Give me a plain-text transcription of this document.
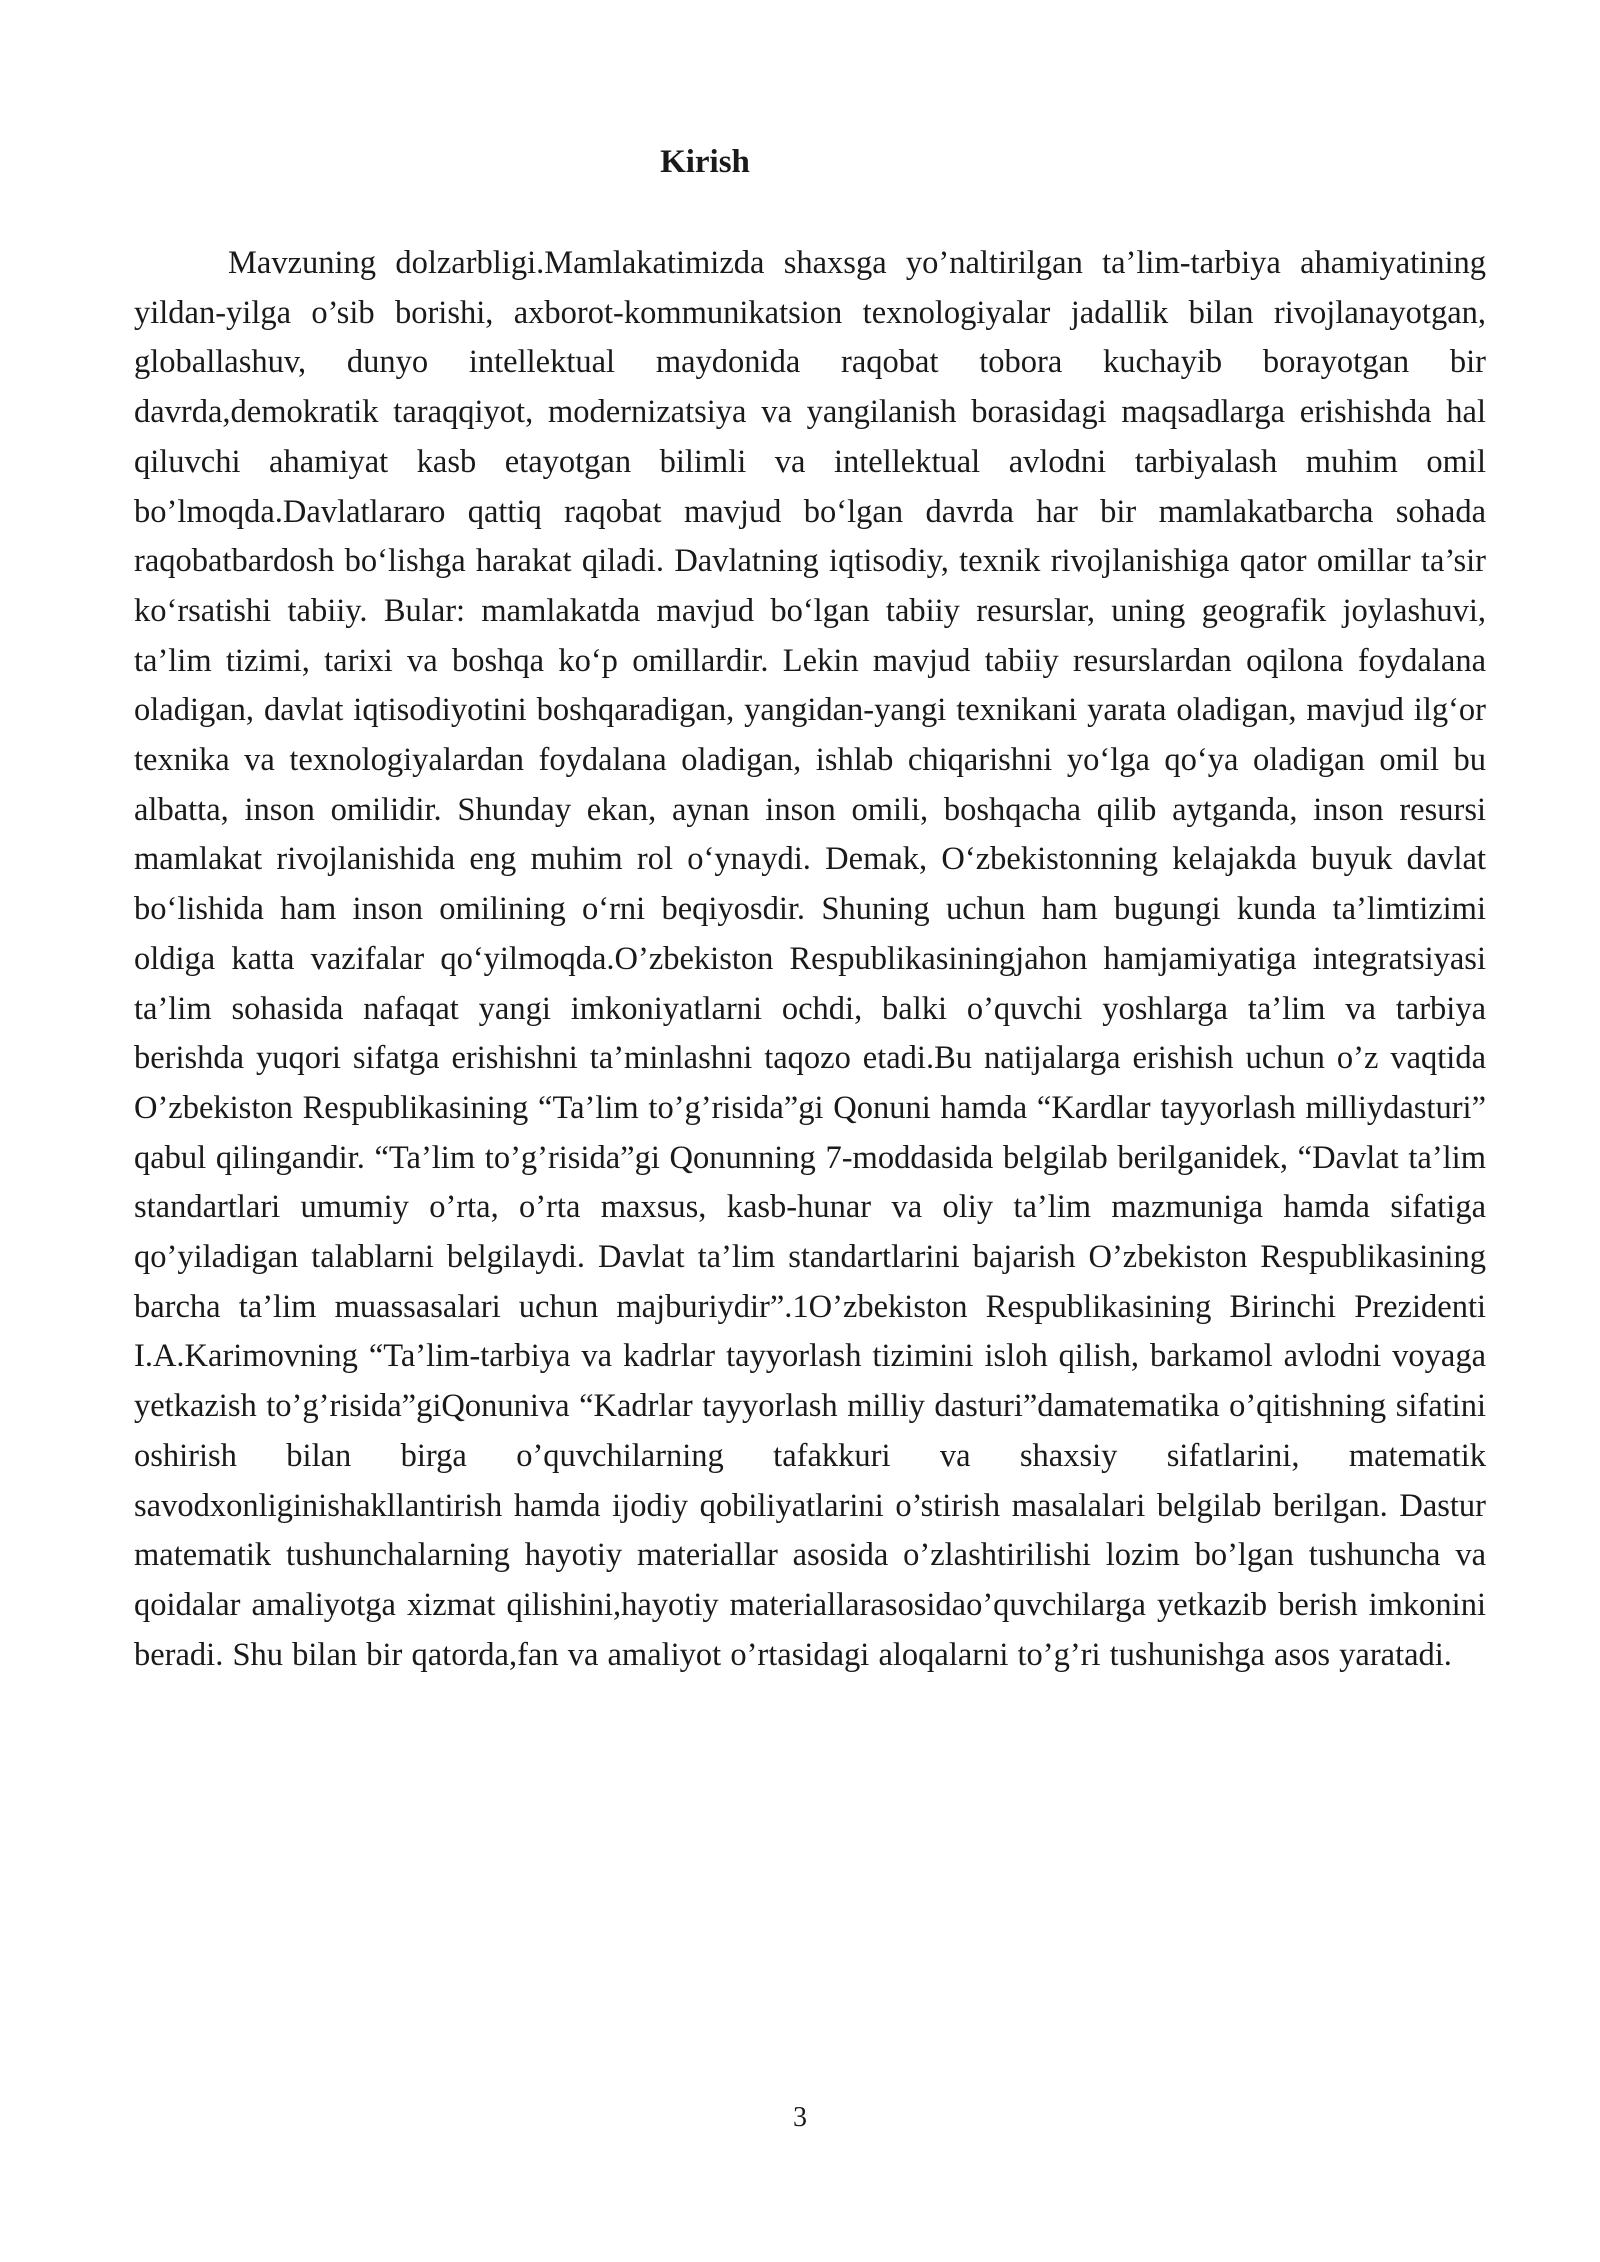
Kirish

Mavzuning dolzarbligi.Mamlakatimizda shaxsga yo’naltirilgan ta’lim-tarbiya ahamiyatining yildan-yilga o’sib borishi, axborot-kommunikatsion texnologiyalar jadallik bilan rivojlanayotgan, globallashuv, dunyo intellektual maydonida raqobat tobora kuchayib borayotgan bir davrda,demokratik taraqqiyot, modernizatsiya va yangilanish borasidagi maqsadlarga erishishda hal qiluvchi ahamiyat kasb etayotgan bilimli va intellektual avlodni tarbiyalash muhim omil bo’lmoqda.Davlatlararo qattiq raqobat mavjud bo‘lgan davrda har bir mamlakatbarcha sohada raqobatbardosh bo‘lishga harakat qiladi. Davlatning iqtisodiy, texnik rivojlanishiga qator omillar ta’sir ko‘rsatishi tabiiy. Bular: mamlakatda mavjud bo‘lgan tabiiy resurslar, uning geografik joylashuvi, ta’lim tizimi, tarixi va boshqa ko‘p omillardir. Lekin mavjud tabiiy resurslardan oqilona foydalana oladigan, davlat iqtisodiyotini boshqaradigan, yangidan-yangi texnikani yarata oladigan, mavjud ilg‘or texnika va texnologiyalardan foydalana oladigan, ishlab chiqarishni yo‘lga qo‘ya oladigan omil bu albatta, inson omilidir. Shunday ekan, aynan inson omili, boshqacha qilib aytganda, inson resursi mamlakat rivojlanishida eng muhim rol o‘ynaydi. Demak, O‘zbekistonning kelajakda buyuk davlat bo‘lishida ham inson omilining o‘rni beqiyosdir. Shuning uchun ham bugungi kunda ta’limtizimi oldiga katta vazifalar qo‘yilmoqda.O’zbekiston Respublikasiningjahon hamjamiyatiga integratsiyasi ta’lim sohasida nafaqat yangi imkoniyatlarni ochdi, balki o’quvchi yoshlarga ta’lim va tarbiya berishda yuqori sifatga erishishni ta’minlashni taqozo etadi.Bu natijalarga erishish uchun o’z vaqtida O’zbekiston Respublikasining “Ta’lim to’g’risida”gi Qonuni hamda “Kardlar tayyorlash milliydasturi” qabul qilingandir. “Ta’lim to’g’risida”gi Qonunning 7-moddasida belgilab berilganidek, “Davlat ta’lim standartlari umumiy o’rta, o’rta maxsus, kasb-hunar va oliy ta’lim mazmuniga hamda sifatiga qo’yiladigan talablarni belgilaydi. Davlat ta’lim standartlarini bajarish O’zbekiston Respublikasining barcha ta’lim muassasalari uchun majburiydir”.1O’zbekiston Respublikasining Birinchi Prezidenti I.A.Karimovning “Ta’lim-tarbiya va kadrlar tayyorlash tizimini isloh qilish, barkamol avlodni voyaga yetkazish to’g’risida”giQonuniva “Kadrlar tayyorlash milliy dasturi”damatematika o’qitishning sifatini oshirish bilan birga o’quvchilarning tafakkuri va shaxsiy sifatlarini, matematik savodxonliginishakllantirish hamda ijodiy qobiliyatlarini o’stirish masalalari belgilab berilgan. Dastur matematik tushunchalarning hayotiy materiallar asosida o’zlashtirilishi lozim bo’lgan tushuncha va qoidalar amaliyotga xizmat qilishini,hayotiy materiallarasosidao’quvchilarga yetkazib berish imkonini beradi. Shu bilan bir qatorda,fan va amaliyot o’rtasidagi aloqalarni to’g’ri tushunishga asos yaratadi.

3
